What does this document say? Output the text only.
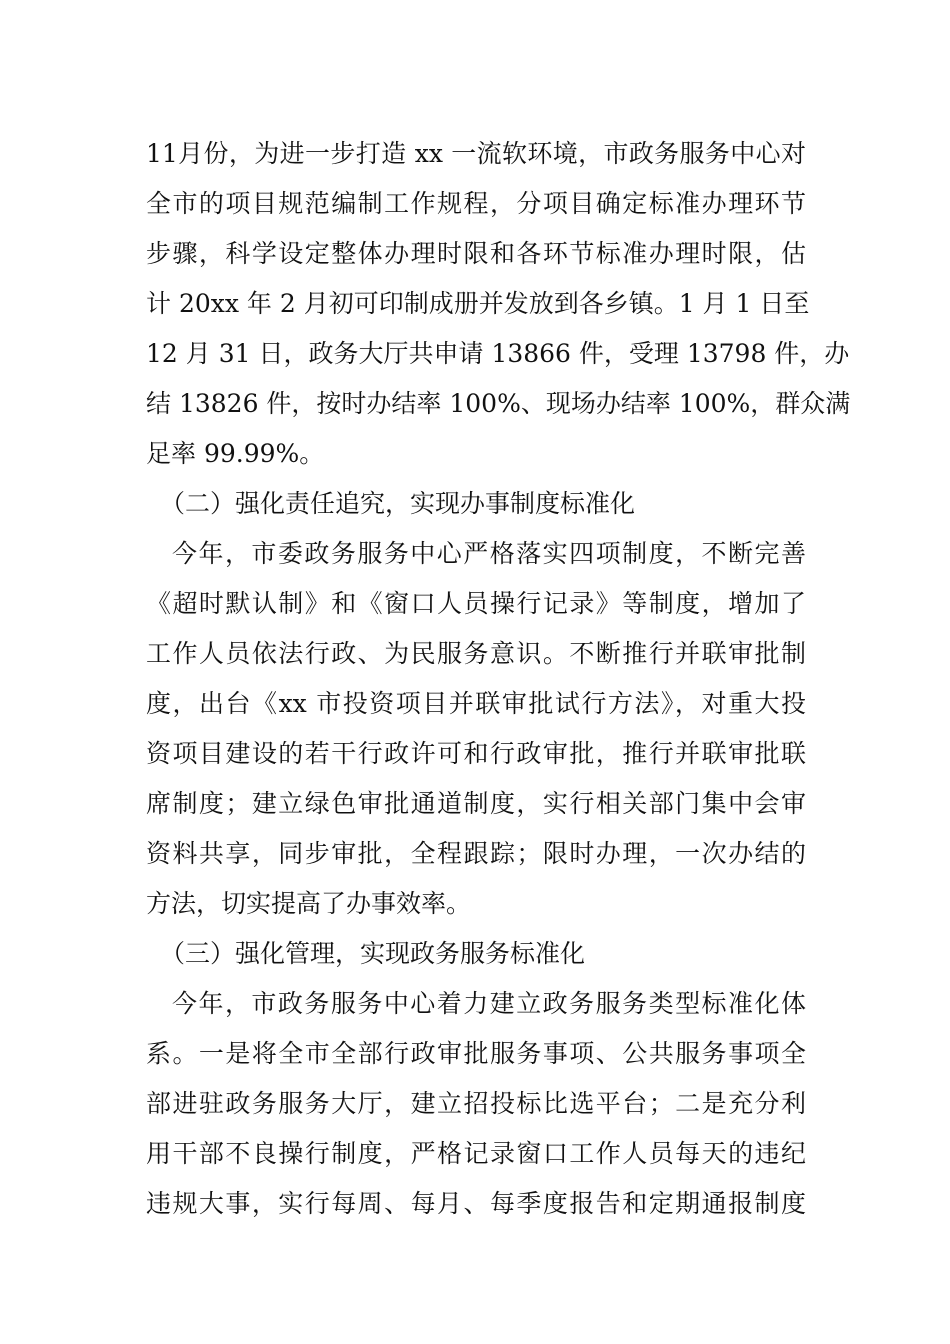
11月份，为进一步打造 xx 一流软环境，市政务服务中心对
全市的项目规范编制工作规程，分项目确定标准办理环节
步骤，科学设定整体办理时限和各环节标准办理时限，估
计 20xx 年 2 月初可印制成册并发放到各乡镇。1 月 1 日至
12 月 31 日，政务大厅共申请 13866 件，受理 13798 件，办
结 13826 件，按时办结率 100%、现场办结率 100%，群众满
足率 99.99%。
（二）强化责任追究，实现办事制度标准化
今年，市委政务服务中心严格落实四项制度，不断完善
《超时默认制》和《窗口人员操行记录》等制度，增加了
工作人员依法行政、为民服务意识。不断推行并联审批制
度，出台《xx 市投资项目并联审批试行方法》，对重大投
资项目建设的若干行政许可和行政审批，推行并联审批联
席制度；建立绿色审批通道制度，实行相关部门集中会审
资料共享，同步审批，全程跟踪；限时办理，一次办结的
方法，切实提高了办事效率。
（三）强化管理，实现政务服务标准化
今年，市政务服务中心着力建立政务服务类型标准化体
系。一是将全市全部行政审批服务事项、公共服务事项全
部进驻政务服务大厅，建立招投标比选平台；二是充分利
用干部不良操行制度，严格记录窗口工作人员每天的违纪
违规大事，实行每周、每月、每季度报告和定期通报制度
